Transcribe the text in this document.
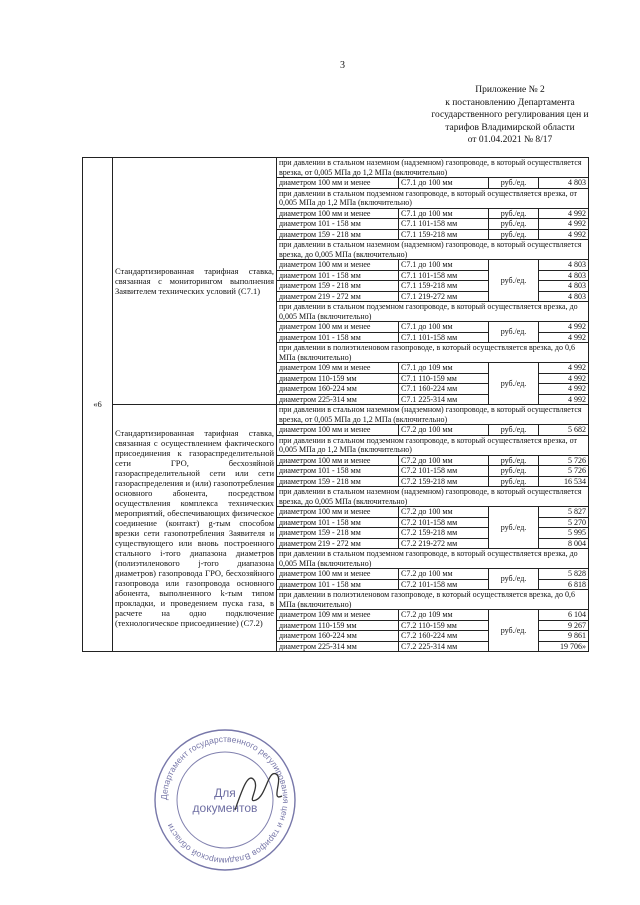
3
Приложение № 2
к постановлению Департамента
государственного регулирования цен и
тарифов Владимирской области
от 01.04.2021 № 8/17
«6	Стандартизированная тарифная ставка, связанная с мониторингом выполнения Заявителем технических условий (С7.1)	при давлении в стальном наземном (надземном) газопроводе, в который осуществляется врезка, от 0,005 МПа до 1,2 МПа (включительно)			
		диаметром 100 мм и менее	С7.1 до 100 мм	руб./ед.	4 803
		при давлении в стальном подземном газопроводе, в который осуществляется врезка, от 0,005 МПа до 1,2 МПа (включительно)			
		диаметром 100 мм и менее	С7.1 до 100 мм	руб./ед.	4 992
		диаметром 101 - 158 мм	С7.1 101-158 мм	руб./ед.	4 992
		диаметром 159 - 218 мм	С7.1 159-218 мм	руб./ед.	4 992
		при давлении в стальном наземном (надземном) газопроводе, в который осуществляется врезка, до 0,005 МПа (включительно)			
		диаметром 100 мм и менее	С7.1 до 100 мм	руб./ед.	4 803
		диаметром 101 - 158 мм	С7.1 101-158 мм		4 803
		диаметром 159 - 218 мм	С7.1 159-218 мм		4 803
		диаметром 219 - 272 мм	С7.1 219-272 мм		4 803
		при давлении в стальном подземном газопроводе, в который осуществляется врезка, до 0,005 МПа (включительно)			
		диаметром 100 мм и менее	С7.1 до 100 мм	руб./ед.	4 992
		диаметром 101 - 158 мм	С7.1 101-158 мм		4 992
		при давлении в полиэтиленовом газопроводе, в который осуществляется врезка, до 0,6 МПа (включительно)			
		диаметром 109 мм и менее	С7.1 до 109 мм	руб./ед.	4 992
		диаметром 110-159 мм	С7.1 110-159 мм		4 992
		диаметром 160-224 мм	С7.1 160-224 мм		4 992
		диаметром 225-314 мм	С7.1 225-314 мм		4 992
	Стандартизированная тарифная ставка, связанная с осуществлением фактического присоединения к газораспределительной сети ГРО, бесхозяйной газораспределительной сети или сети газораспределения и (или) газопотребления основного абонента, посредством осуществления комплекса технических мероприятий, обеспечивающих физическое соединение (контакт) g-тым способом врезки сети газопотребления Заявителя и существующего или вновь построенного стального i-того диапазона диаметров (полиэтиленового j-того диапазона диаметров) газопровода ГРО, бесхозяйного газопровода или газопровода основного абонента, выполненного k-тым типом прокладки, и проведением пуска газа, в расчете на одно подключение (технологическое присоединение) (С7.2)	при давлении в стальном наземном (надземном) газопроводе, в который осуществляется врезка, от 0,005 МПа до 1,2 МПа (включительно)			
		диаметром 100 мм и менее	С7.2 до 100 мм	руб./ед.	5 682
		при давлении в стальном подземном газопроводе, в который осуществляется врезка, от 0,005 МПа до 1,2 МПа (включительно)			
		диаметром 100 мм и менее	С7.2 до 100 мм	руб./ед.	5 726
		диаметром 101 - 158 мм	С7.2 101-158 мм	руб./ед.	5 726
		диаметром 159 - 218 мм	С7.2 159-218 мм	руб./ед.	16 534
		при давлении в стальном наземном (надземном) газопроводе, в который осуществляется врезка, до 0,005 МПа (включительно)			
		диаметром 100 мм и менее	С7.2 до 100 мм	руб./ед.	5 827
		диаметром 101 - 158 мм	С7.2 101-158 мм		5 270
		диаметром 159 - 218 мм	С7.2 159-218 мм		5 995
		диаметром 219 - 272 мм	С7.2 219-272 мм		8 004
		при давлении в стальном подземном газопроводе, в который осуществляется врезка, до 0,005 МПа (включительно)			
		диаметром 100 мм и менее	С7.2 до 100 мм	руб./ед.	5 828
		диаметром 101 - 158 мм	С7.2 101-158 мм		6 818
		при давлении в полиэтиленовом газопроводе, в который осуществляется врезка, до 0,6 МПа (включительно)			
		диаметром 109 мм и менее	С7.2 до 109 мм	руб./ед.	6 104
		диаметром 110-159 мм	С7.2 110-159 мм		9 267
		диаметром 160-224 мм	С7.2 160-224 мм		9 861
		диаметром 225-314 мм	С7.2 225-314 мм		19 706»
Департамент государственного регулирования цен и тарифов Владимирской области
Для
документов
